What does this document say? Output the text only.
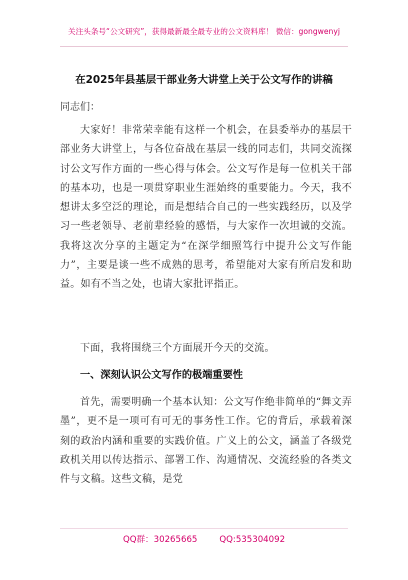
关注头条号“公文研究”，获得最新最全最专业的公文资料库！ 微信：gongwenyj
在2025年县基层干部业务大讲堂上关于公文写作的讲稿
同志们：

大家好！非常荣幸能有这样一个机会，在县委举办的基层干部业务大讲堂上，与各位奋战在基层一线的同志们，共同交流探讨公文写作方面的一些心得与体会。公文写作是每一位机关干部的基本功，也是一项贯穿职业生涯始终的重要能力。今天，我不想讲太多空泛的理论，而是想结合自己的一些实践经历，以及学习一些老领导、老前辈经验的感悟，与大家作一次坦诚的交流。我将这次分享的主题定为“在深学细照笃行中提升公文写作能力”，主要是谈一些不成熟的思考，希望能对大家有所启发和助益。如有不当之处，也请大家批评指正。

下面，我将围绕三个方面展开今天的交流。

一、深刻认识公文写作的极端重要性

首先，需要明确一个基本认知：公文写作绝非简单的“舞文弄墨”，更不是一项可有可无的事务性工作。它的背后，承载着深刻的政治内涵和重要的实践价值。广义上的公文，涵盖了各级党政机关用以传达指示、部署工作、沟通情况、交流经验的各类文件与文稿。这些文稿，是党

QQ群：30265665	QQ:535304092
